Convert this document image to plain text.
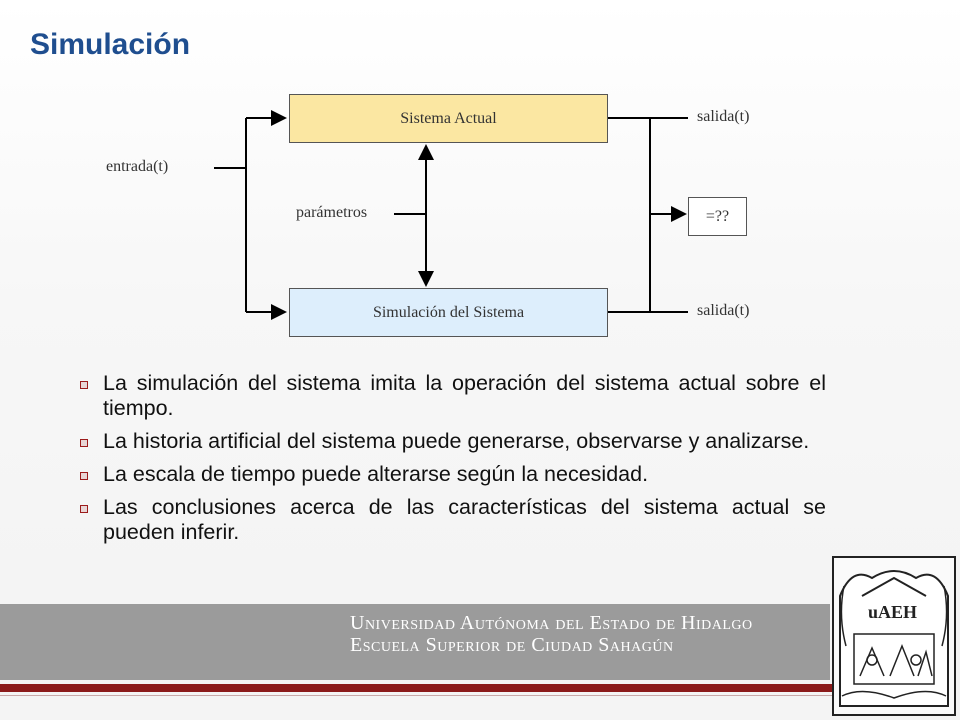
Simulación
Sistema Actual
Simulación del Sistema
=??
entrada(t)
parámetros
salida(t)
salida(t)
La simulación del sistema imita la operación del sistema actual sobre el tiempo.
La historia artificial del sistema puede generarse, observarse y analizarse.
La escala de tiempo puede alterarse según la necesidad.
Las conclusiones acerca de las características del sistema actual se pueden inferir.
Universidad Autónoma del Estado de Hidalgo
Escuela Superior de Ciudad Sahagún
uAEH
